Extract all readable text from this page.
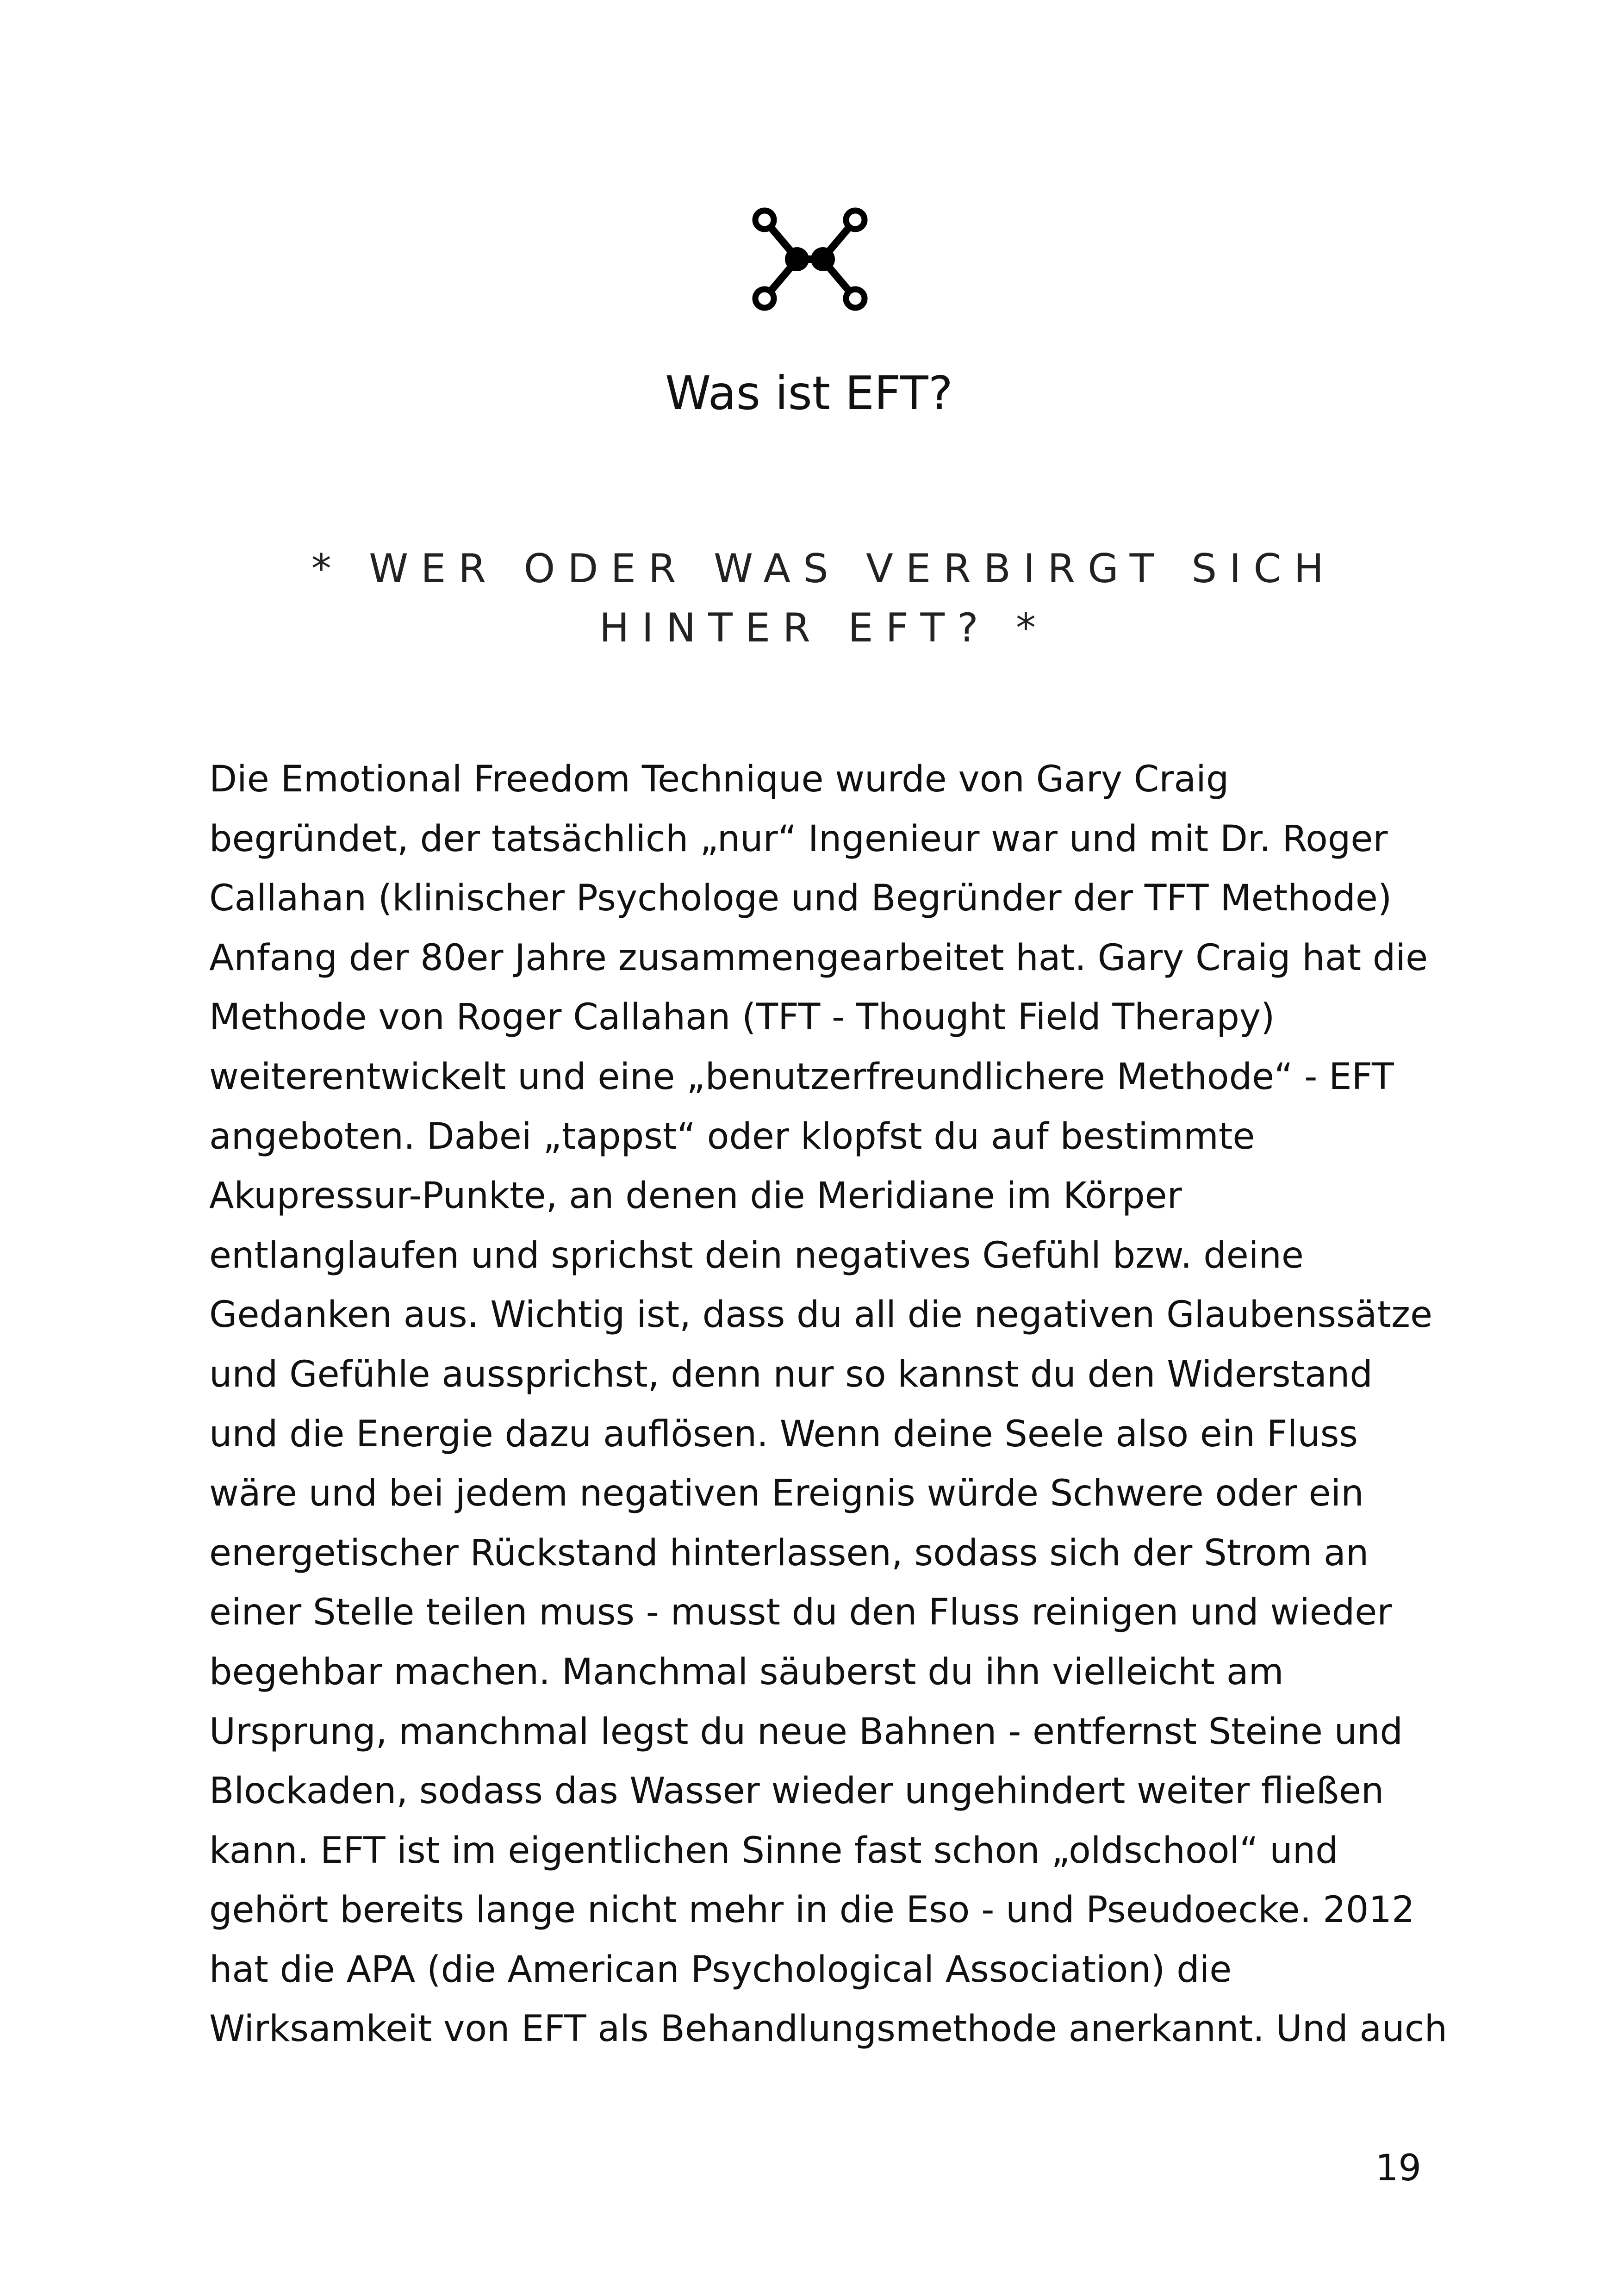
Was ist EFT?

* WER ODER WAS VERBIRGT SICH HINTER EFT? *

Die Emotional Freedom Technique wurde von Gary Craig
begründet, der tatsächlich „nur“ Ingenieur war und mit Dr. Roger
Callahan (klinischer Psychologe und Begründer der TFT Methode)
Anfang der 80er Jahre zusammengearbeitet hat. Gary Craig hat die
Methode von Roger Callahan (TFT - Thought Field Therapy)
weiterentwickelt und eine „benutzerfreundlichere Methode“ - EFT
angeboten. Dabei „tappst“ oder klopfst du auf bestimmte
Akupressur-Punkte, an denen die Meridiane im Körper
entlanglaufen und sprichst dein negatives Gefühl bzw. deine
Gedanken aus. Wichtig ist, dass du all die negativen Glaubenssätze
und Gefühle aussprichst, denn nur so kannst du den Widerstand
und die Energie dazu auflösen. Wenn deine Seele also ein Fluss
wäre und bei jedem negativen Ereignis würde Schwere oder ein
energetischer Rückstand hinterlassen, sodass sich der Strom an
einer Stelle teilen muss - musst du den Fluss reinigen und wieder
begehbar machen. Manchmal säuberst du ihn vielleicht am
Ursprung, manchmal legst du neue Bahnen - entfernst Steine und
Blockaden, sodass das Wasser wieder ungehindert weiter fließen
kann. EFT ist im eigentlichen Sinne fast schon „oldschool“ und
gehört bereits lange nicht mehr in die Eso - und Pseudoecke. 2012
hat die APA (die American Psychological Association) die
Wirksamkeit von EFT als Behandlungsmethode anerkannt. Und auch
19
